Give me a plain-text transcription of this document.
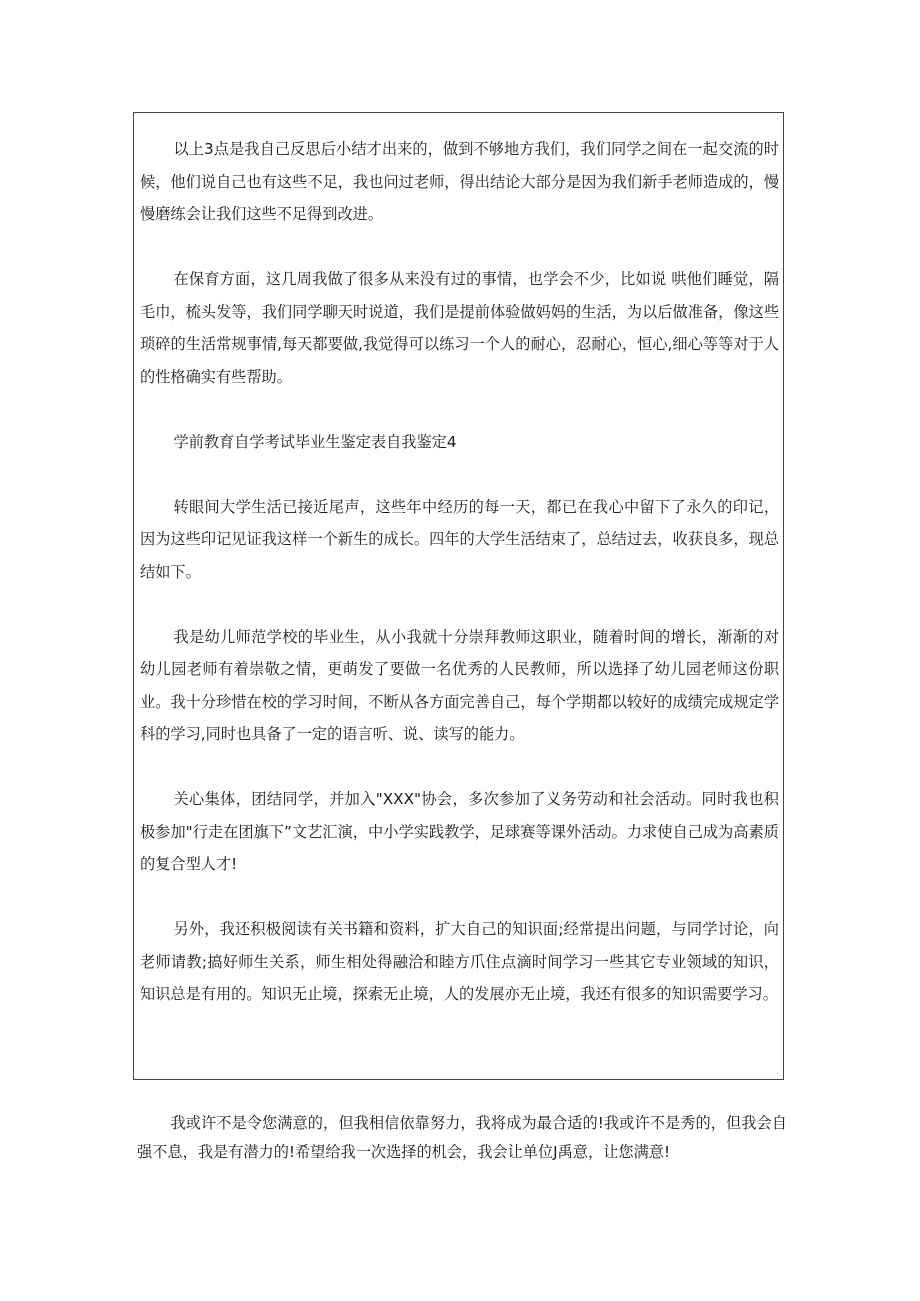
以上3点是我自己反思后小结才出来的，做到不够地方我们，我们同学之间在一起交流的时候，他们说自己也有这些不足，我也问过老师，得出结论大部分是因为我们新手老师造成的，慢慢磨练会让我们这些不足得到改进。

在保育方面，这几周我做了很多从来没有过的事情，也学会不少，比如说 哄他们睡觉，隔毛巾，梳头发等，我们同学聊天时说道，我们是提前体验做妈妈的生活，为以后做准备，像这些琐碎的生活常规事情,每天都要做,我觉得可以练习一个人的耐心，忍耐心，恒心,细心等等对于人的性格确实有些帮助。

学前教育自学考试毕业生鉴定表自我鉴定4

转眼间大学生活已接近尾声，这些年中经历的每一天，都已在我心中留下了永久的印记，因为这些印记见证我这样一个新生的成长。四年的大学生活结束了，总结过去，收获良多，现总结如下。

我是幼儿师范学校的毕业生，从小我就十分崇拜教师这职业，随着时间的增长，渐渐的对幼儿园老师有着崇敬之情，更萌发了要做一名优秀的人民教师，所以选择了幼儿园老师这份职业。我十分珍惜在校的学习时间，不断从各方面完善自己，每个学期都以较好的成绩完成规定学科的学习,同时也具备了一定的语言听、说、读写的能力。

关心集体，团结同学，并加入"XXX"协会，多次参加了义务劳动和社会活动。同时我也积极参加"行走在团旗下”文艺汇演，中小学实践教学，足球赛等课外活动。力求使自己成为高素质的复合型人才!

另外，我还积极阅读有关书籍和资料，扩大自己的知识面;经常提出问题，与同学讨论，向老师请教;搞好师生关系，师生相处得融洽和睦方爪住点滴时间学习一些其它专业领域的知识，知识总是有用的。知识无止境，探索无止境，人的发展亦无止境，我还有很多的知识需要学习。

我或许不是令您满意的，但我相信依靠努力，我将成为最合适的!我或许不是秀的，但我会自强不息，我是有潜力的!希望给我一次选择的机会，我会让单位J禹意，让您满意!
